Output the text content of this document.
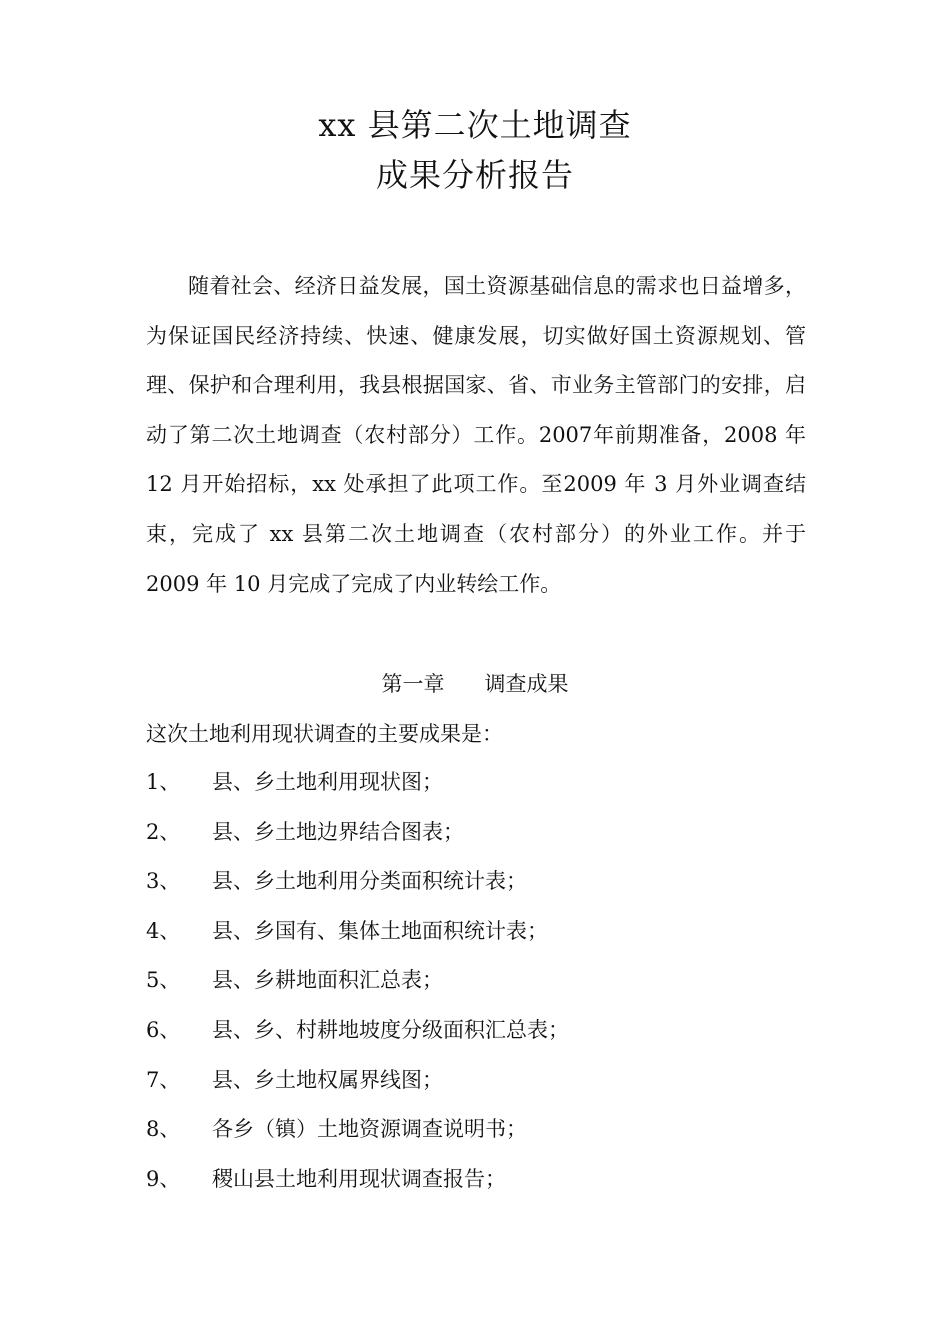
xx 县第二次土地调查
成果分析报告

随着社会、经济日益发展，国土资源基础信息的需求也日益增多，为保证国民经济持续、快速、健康发展，切实做好国土资源规划、管理、保护和合理利用，我县根据国家、省、市业务主管部门的安排，启动了第二次土地调查（农村部分）工作。2007年前期准备，2008 年 12 月开始招标，xx 处承担了此项工作。至2009 年 3 月外业调查结束，完成了 xx 县第二次土地调查（农村部分）的外业工作。并于 2009 年 10 月完成了完成了内业转绘工作。

第一章 调查成果
这次土地利用现状调查的主要成果是：
1、 县、乡土地利用现状图；
2、 县、乡土地边界结合图表；
3、 县、乡土地利用分类面积统计表；
4、 县、乡国有、集体土地面积统计表；
5、 县、乡耕地面积汇总表；
6、 县、乡、村耕地坡度分级面积汇总表；
7、 县、乡土地权属界线图；
8、 各乡（镇）土地资源调查说明书；
9、 稷山县土地利用现状调查报告；
